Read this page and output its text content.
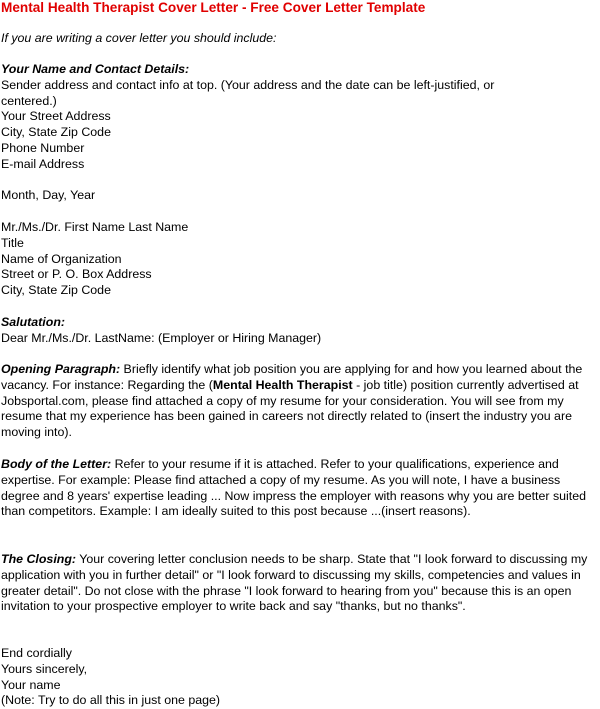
Mental Health Therapist Cover Letter - Free Cover Letter Template

If you are writing a cover letter you should include:

Your Name and Contact Details:
Sender address and contact info at top. (Your address and the date can be left-justified, or
centered.)
Your Street Address
City, State Zip Code
Phone Number
E-mail Address
Month, Day, Year
Mr./Ms./Dr. First Name Last Name
Title
Name of Organization
Street or P. O. Box Address
City, State Zip Code
Salutation:
Dear Mr./Ms./Dr. LastName: (Employer or Hiring Manager)

Opening Paragraph: Briefly identify what job position you are applying for and how you learned about the vacancy. For instance: Regarding the (Mental Health Therapist - job title) position currently advertised at Jobsportal.com, please find attached a copy of my resume for your consideration. You will see from my resume that my experience has been gained in careers not directly related to (insert the industry you are moving into).

Body of the Letter: Refer to your resume if it is attached. Refer to your qualifications, experience and expertise. For example: Please find attached a copy of my resume. As you will note, I have a business degree and 8 years' expertise leading ... Now impress the employer with reasons why you are better suited than competitors. Example: I am ideally suited to this post because ...(insert reasons).

The Closing: Your covering letter conclusion needs to be sharp. State that "I look forward to discussing my application with you in further detail" or "I look forward to discussing my skills, competencies and values in greater detail". Do not close with the phrase "I look forward to hearing from you" because this is an open invitation to your prospective employer to write back and say "thanks, but no thanks".

End cordially
Yours sincerely,
Your name
(Note: Try to do all this in just one page)
